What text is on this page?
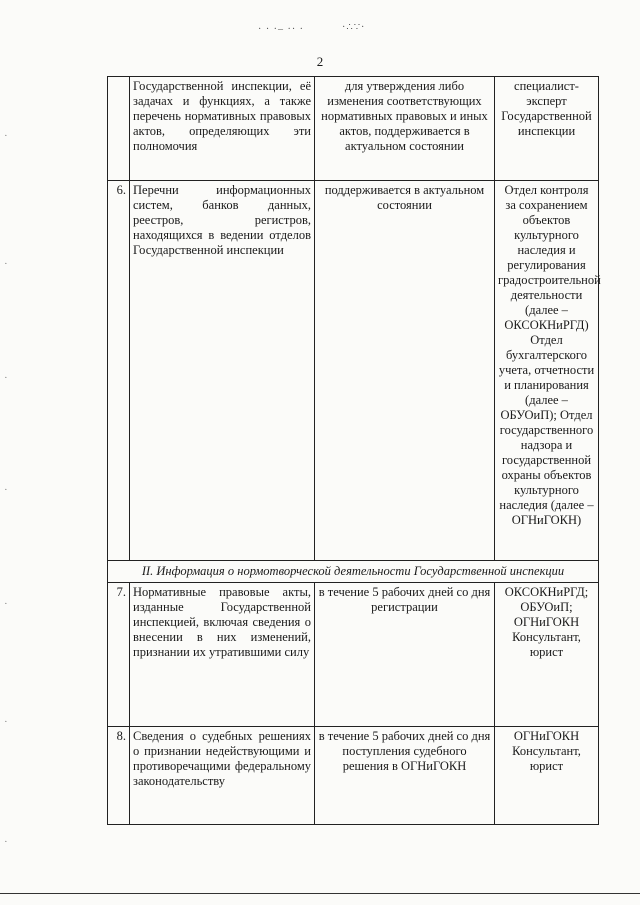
· · ·– ·· ·	·∴∵·
·
·
·
·
·
·
·
2
	Государственной инспекции, её задачах и функциях, а также перечень нормативных правовых актов, определяющих эти полномочия	для утверждения либо изменения соответствующих нормативных правовых и иных актов, поддерживается в актуальном состоянии	специалист-эксперт Государственной инспекции
6.	Перечни информационных систем, банков данных, реестров, регистров, находящихся в ведении отделов Государственной инспекции	поддерживается в актуальном состоянии	Отдел контроля за сохранением объектов культурного наследия и регулирования градостроительной деятельности (далее – ОКСОКНиРГД) Отдел бухгалтерского учета, отчетности и планирования (далее – ОБУОиП); Отдел государственного надзора и государственной охраны объектов культурного наследия (далее – ОГНиГОКН)
II. Информация о нормотворческой деятельности Государственной инспекции			
7.	Нормативные правовые акты, изданные Государственной инспекцией, включая сведения о внесении в них изменений, признании их утратившими силу	в течение 5 рабочих дней со дня регистрации	ОКСОКНиРГД; ОБУОиП; ОГНиГОКН Консультант, юрист
8.	Сведения о судебных решениях о признании недействующими и противоречащими федеральному законодательству	в течение 5 рабочих дней со дня поступления судебного решения в ОГНиГОКН	ОГНиГОКН Консультант, юрист
